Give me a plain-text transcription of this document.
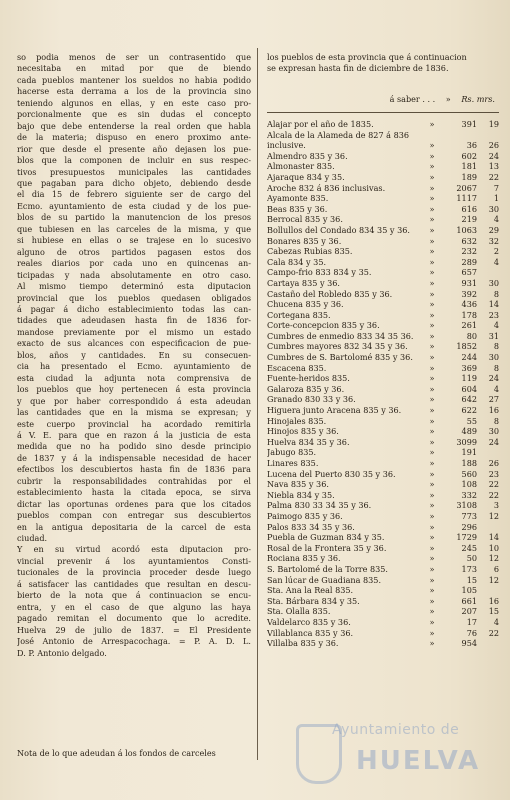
so podia menos de ser un contrasentido que
necesitaba en mitad por que de biendo
cada pueblos mantener los sueldos no habia podido
hacerse esta derrama a los de la provincia sino
teniendo algunos en ellas, y en este caso pro-
porcionalmente que es sin dudas el concepto
bajo que debe entenderse la real orden que habla
de la materia; dispuso en enero proximo ante-
rior que desde el presente año dejasen los pue-
blos que la componen de incluir en sus respec-
tivos presupuestos municipales las cantidades
que pagaban para dicho objeto, debiendo desde
el dia 15 de febrero siguiente ser de cargo del
Ecmo. ayuntamiento de esta ciudad y de los pue-
blos de su partido la manutencion de los presos
que tubiesen en las carceles de la misma, y que
si hubiese en ellas o se trajese en lo sucesivo
alguno de otros partidos pagasen estos dos
reales diarios por cada uno en quincenas an-
ticipadas y nada absolutamente en otro caso.
Al mismo tiempo determinó esta diputacion
provincial que los pueblos quedasen obligados
á pagar á dicho establecimiento todas las can-
tidades que adeudasen hasta fin de 1836 for-
mandose previamente por el mismo un estado
exacto de sus alcances con especificacion de pue-
blos, años y cantidades. En su consecuen-
cia ha presentado el Ecmo. ayuntamiento de
esta ciudad la adjunta nota comprensiva de
los pueblos que hoy pertenecen á esta provincia
y que por haber correspondido á esta adeudan
las cantidades que en la misma se expresan; y
este cuerpo provincial ha acordado remitirla
á V. E. para que en razon á la justicia de esta
medida que no ha podido sino desde principio
de 1837 y á la indispensable necesidad de hacer
efectibos los descubiertos hasta fin de 1836 para
cubrir la responsabilidades contrahidas por el
establecimiento hasta la citada epoca, se sirva
dictar las oportunas ordenes para que los citados
pueblos compan con entregar sus descubiertos
en la antigua depositaria de la carcel de esta
ciudad.
Y en su virtud acordó esta diputacion pro-
vincial prevenir á los ayuntamientos Consti-
tucionales de la provincia proceder desde luego
á satisfacer las cantidades que resultan en descu-
bierto de la nota que á continuacion se encu-
entra, y en el caso de que alguno las haya
pagado remitan el documento que lo acredite.
Huelva 29 de julio de 1837. = El Presidente
José Antonio de Arrespacochaga. = P. A. D. L.
D. P. Antonio delgado.
Nota de lo que adeudan á los fondos de carceles
los pueblos de esta provincia que á continuacion
se expresan hasta fin de diciembre de 1836.
á saber . . . » Rs. mrs.
Alajar por el año de 1835.	»	391	19
Alcala de la Alameda de 827 á 836 inclusive.	»	36	26
Almendro 835 y 36.	»	602	24
Almonaster 835.	»	181	13
Ajaraque 834 y 35.	»	189	22
Aroche 832 á 836 inclusivas.	»	2067	7
Ayamonte 835.	»	1117	1
Beas 835 y 36.	»	616	30
Berrocal 835 y 36.	»	219	4
Bollullos del Condado 834 35 y 36.	»	1063	29
Bonares 835 y 36.	»	632	32
Cabezas Rubias 835.	»	232	2
Cala 834 y 35.	»	289	4
Campo-frio 833 834 y 35.	»	657
Cartaya 835 y 36.	»	931	30
Castaño del Robledo 835 y 36.	»	392	8
Chucena 835 y 36.	»	436	14
Cortegana 835.	»	178	23
Corte-concepcion 835 y 36.	»	261	4
Cumbres de enmedio 833 34 35 36.	»	80	31
Cumbres mayores 832 34 35 y 36.	»	1852	8
Cumbres de S. Bartolomé 835 y 36.	»	244	30
Escacena 835.	»	369	8
Fuente-heridos 835.	»	119	24
Galaroza 835 y 36.	»	604	4
Granado 830 33 y 36.	»	642	27
Higuera junto Aracena 835 y 36.	»	622	16
Hinojales 835.	»	55	8
Hinojos 835 y 36.	»	489	30
Huelva 834 35 y 36.	»	3099	24
Jabugo 835.	»	191
Linares 835.	»	188	26
Lucena del Puerto 830 35 y 36.	»	560	23
Nava 835 y 36.	»	108	22
Niebla 834 y 35.	»	332	22
Palma 830 33 34 35 y 36.	»	3108	3
Paimogo 835 y 36.	»	773	12
Palos 833 34 35 y 36.	»	296
Puebla de Guzman 834 y 35.	»	1729	14
Rosal de la Frontera 35 y 36.	»	245	10
Rociana 835 y 36.	»	50	12
S. Bartolomé de la Torre 835.	»	173	6
San lúcar de Guadiana 835.	»	15	12
Sta. Ana la Real 835.	»	105
Sta. Bárbara 834 y 35.	»	661	16
Sta. Olalla 835.	»	207	15
Valdelarco 835 y 36.	»	17	4
Villablanca 835 y 36.	»	76	22
Villalba 835 y 36.	»	954
Ayuntamiento de
HUELVA
